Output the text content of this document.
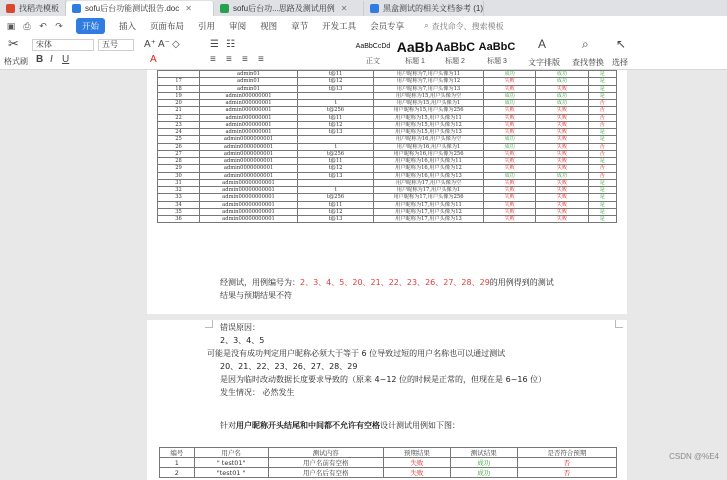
找稻壳模板	sofu后台功能测试报告.doc ✕	sofu后台功...思路及测试用例 ✕	黑盒测试的相关文档参考 (1)
▣ ⎙ ↶ ↷	开始	插入 页面布局 引用 审阅 视图 章节 开发工具 会员专享	⌕ 查找命令、搜索模板
✂
格式刷
宋体	五号	A⁺ A⁻ ◇
B I U	A
☰ ☷
≡ ≡ ≡ ≡
AaBbCcDd
正文
AaBb
标题 1
AaBbC
标题 2
AaBbC
标题 3
A
文字排版
⌕
查找替换
↖
选择
	admin01	t@11	用户昵称为7,用户头像为11	成功	成功	是
17	admin01	t@12	用户昵称为7,用户头像为12	失败	成功	是
18	admin01	t@13	用户昵称为7,用户头像为13	失败	失败	是
19	admin000000001		用户昵称为15,用户头像为空	成功	成功	是
20	admin000000001	t	用户昵称为15,用户头像为1	成功	成功	否
21	admin000000001	t@256	用户昵称为15,用户头像为256	失败	失败	否
22	admin000000001	t@11	用户昵称为15,用户头像为11	失败	失败	否
23	admin000000001	t@12	用户昵称为15,用户头像为12	失败	失败	否
24	admin000000001	t@13	用户昵称为15,用户头像为13	失败	失败	是
25	admin0000000001		用户昵称为16,用户头像为空	成功	失败	是
26	admin0000000001	t	用户昵称为16,用户头像为1	成功	失败	否
27	admin0000000001	t@256	用户昵称为16,用户头像为256	失败	失败	否
28	admin0000000001	t@11	用户昵称为16,用户头像为11	失败	失败	是
29	admin0000000001	t@12	用户昵称为16,用户头像为12	失败	失败	否
30	admin0000000001	t@13	用户昵称为16,用户头像为13	成功	成功	否
31	admin00000000001		用户昵称为17,用户头像为空	失败	失败	是
32	admin00000000001	t	用户昵称为17,用户头像为1	失败	失败	是
33	admin00000000001	t@256	用户昵称为17,用户头像为256	失败	失败	是
34	admin00000000001	t@11	用户昵称为17,用户头像为11	失败	失败	是
35	admin00000000001	t@12	用户昵称为17,用户头像为12	失败	失败	是
36	admin00000000001	t@13	用户昵称为17,用户头像为13	失败	失败	是
经测试，用例编号为：2、3、4、5、20、21、22、23、26、27、28、29的用例得到的测试
结果与预期结果不符
错误原因：
2、3、4、5
可能是没有成功判定用户昵称必须大于等于 6 位导致过短的用户名称也可以通过测试
20、21、22、23、26、27、28、29
是因为临时改动数据长度要求导致的（原来 4~12 位的时候是正常的，但现在是 6~16 位）
发生情况： 必然发生
针对用户昵称开头结尾和中间都不允许有空格设计测试用例如下图：
编号	用户名	测试内容	预期结果	测试结果	是否符合预期
1	" test01"	用户名前有空格	失败	成功	否
2	"test01 "	用户名后有空格	失败	成功	否
CSDN @%E4
